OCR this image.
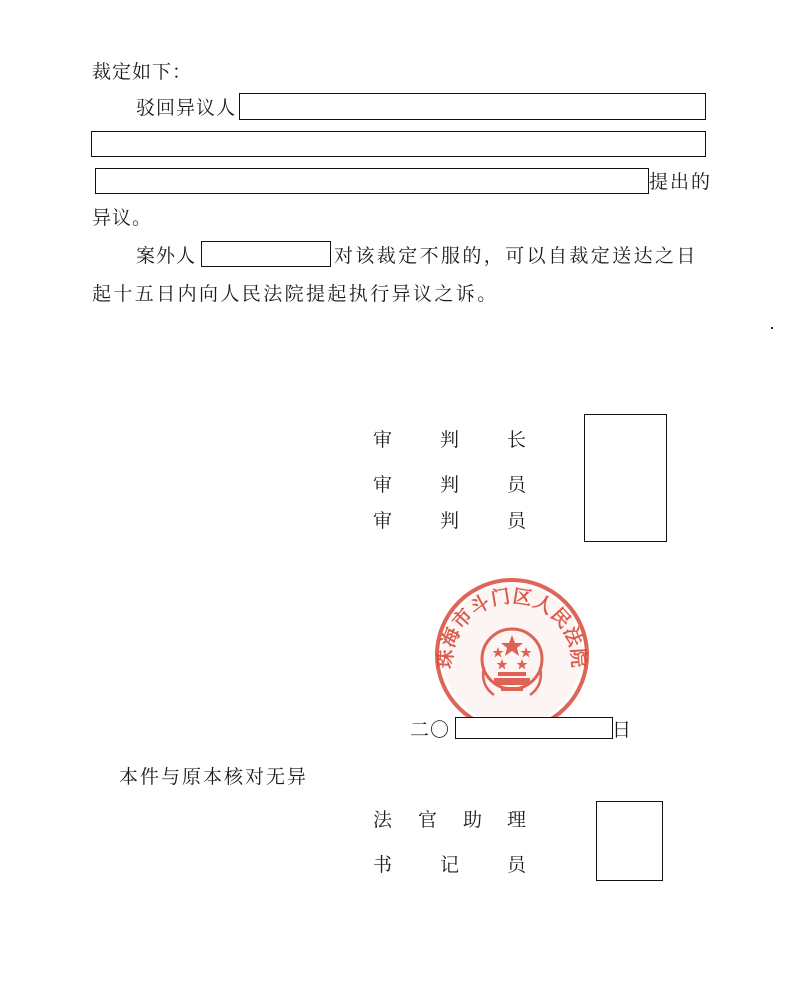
裁定如下：
驳回异议人
提出的
异议。
案外人	对该裁定不服的，可以自裁定送达之日
起十五日内向人民法院提起执行异议之诉。
审	判	长
审	判	员
审	判	员
珠海市斗门区人民法院
二〇	日
本件与原本核对无异
法 官 助 理
书	记	员
